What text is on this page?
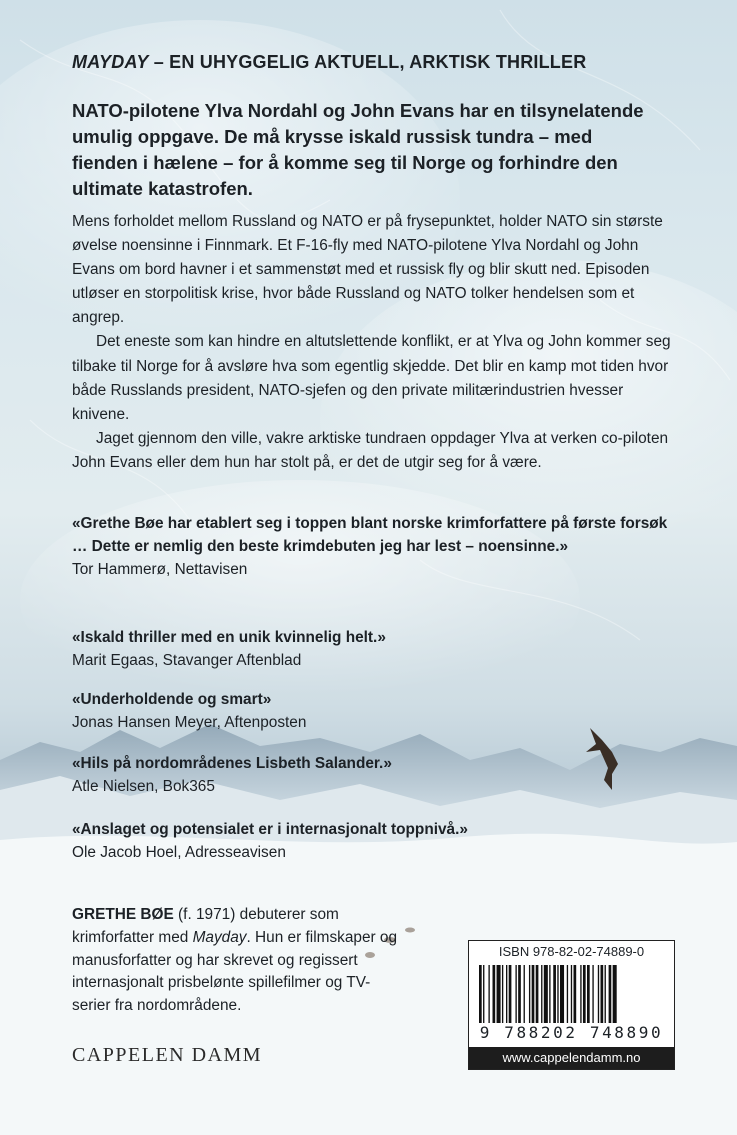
MAYDAY – EN UHYGGELIG AKTUELL, ARKTISK THRILLER
NATO-pilotene Ylva Nordahl og John Evans har en tilsynelatende umulig oppgave. De må krysse iskald russisk tundra – med fienden i hælene – for å komme seg til Norge og forhindre den ultimate katastrofen.

Mens forholdet mellom Russland og NATO er på frysepunktet, holder NATO sin største øvelse noensinne i Finnmark. Et F-16-fly med NATO-pilotene Ylva Nordahl og John Evans om bord havner i et sammenstøt med et russisk fly og blir skutt ned. Episoden utløser en storpolitisk krise, hvor både Russland og NATO tolker hendelsen som et angrep.

Det eneste som kan hindre en altutslettende konflikt, er at Ylva og John kommer seg tilbake til Norge for å avsløre hva som egentlig skjedde. Det blir en kamp mot tiden hvor både Russlands president, NATO-sjefen og den private militærindustrien hvesser knivene.

Jaget gjennom den ville, vakre arktiske tundraen oppdager Ylva at verken co-piloten John Evans eller dem hun har stolt på, er det de utgir seg for å være.

«Grethe Bøe har etablert seg i toppen blant norske krimforfattere på første forsøk … Dette er nemlig den beste krimdebuten jeg har lest – noensinne.»
Tor Hammerø, Nettavisen
«Iskald thriller med en unik kvinnelig helt.»
Marit Egaas, Stavanger Aftenblad
«Underholdende og smart»
Jonas Hansen Meyer, Aftenposten
«Hils på nordområdenes Lisbeth Salander.»
Atle Nielsen, Bok365
«Anslaget og potensialet er i internasjonalt toppnivå.»
Ole Jacob Hoel, Adresseavisen
GRETHE BØE (f. 1971) debuterer som krimforfatter med Mayday. Hun er filmskaper og manusforfatter og har skrevet og regissert internasjonalt prisbelønte spillefilmer og TV-serier fra nordområdene.
CAPPELEN DAMM
ISBN 978-82-02-74889-0
9 788202 748890
www.cappelendamm.no
